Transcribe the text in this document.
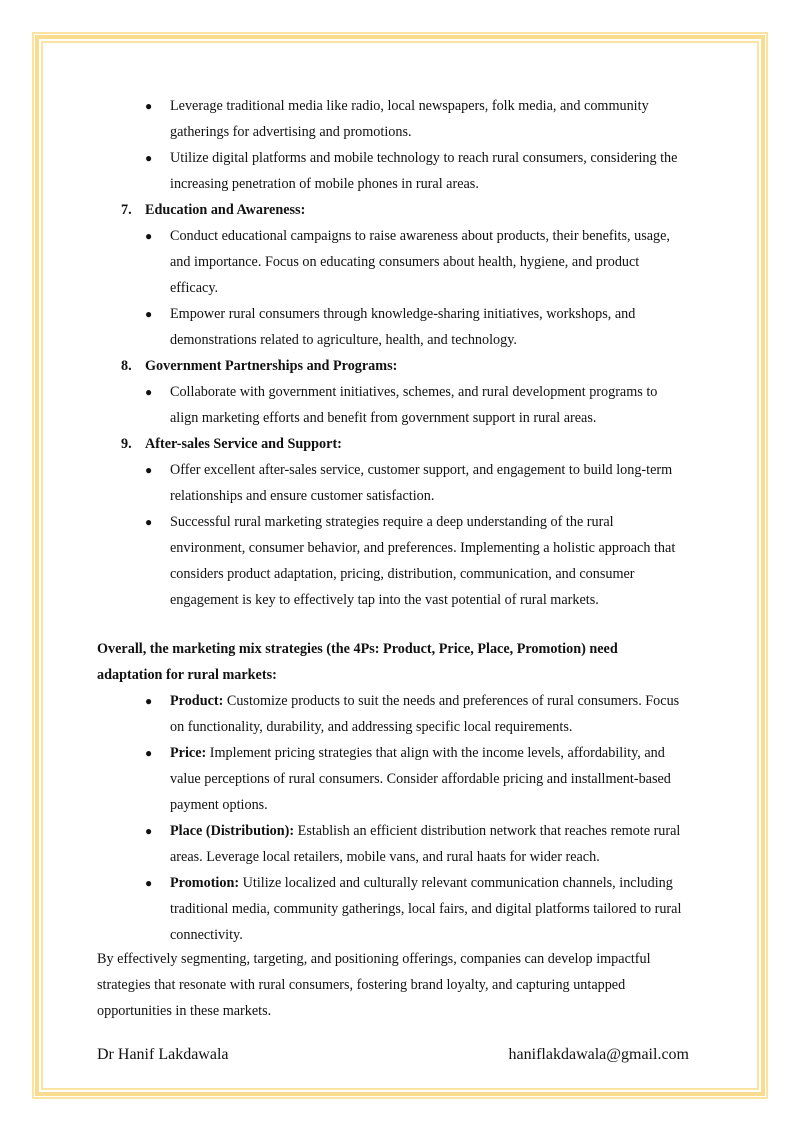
● Leverage traditional media like radio, local newspapers, folk media, and community
gatherings for advertising and promotions.
● Utilize digital platforms and mobile technology to reach rural consumers, considering the
increasing penetration of mobile phones in rural areas.
7. Education and Awareness:
● Conduct educational campaigns to raise awareness about products, their benefits, usage,
and importance. Focus on educating consumers about health, hygiene, and product
efficacy.
● Empower rural consumers through knowledge-sharing initiatives, workshops, and
demonstrations related to agriculture, health, and technology.
8. Government Partnerships and Programs:
● Collaborate with government initiatives, schemes, and rural development programs to
align marketing efforts and benefit from government support in rural areas.
9. After-sales Service and Support:
● Offer excellent after-sales service, customer support, and engagement to build long-term
relationships and ensure customer satisfaction.
● Successful rural marketing strategies require a deep understanding of the rural
environment, consumer behavior, and preferences. Implementing a holistic approach that
considers product adaptation, pricing, distribution, communication, and consumer
engagement is key to effectively tap into the vast potential of rural markets.
Overall, the marketing mix strategies (the 4Ps: Product, Price, Place, Promotion) need
adaptation for rural markets:
● Product: Customize products to suit the needs and preferences of rural consumers. Focus
on functionality, durability, and addressing specific local requirements.
● Price: Implement pricing strategies that align with the income levels, affordability, and
value perceptions of rural consumers. Consider affordable pricing and installment-based
payment options.
● Place (Distribution): Establish an efficient distribution network that reaches remote rural
areas. Leverage local retailers, mobile vans, and rural haats for wider reach.
● Promotion: Utilize localized and culturally relevant communication channels, including
traditional media, community gatherings, local fairs, and digital platforms tailored to rural
connectivity.
By effectively segmenting, targeting, and positioning offerings, companies can develop impactful
strategies that resonate with rural consumers, fostering brand loyalty, and capturing untapped
opportunities in these markets.
Dr Hanif Lakdawala	haniflakdawala@gmail.com
